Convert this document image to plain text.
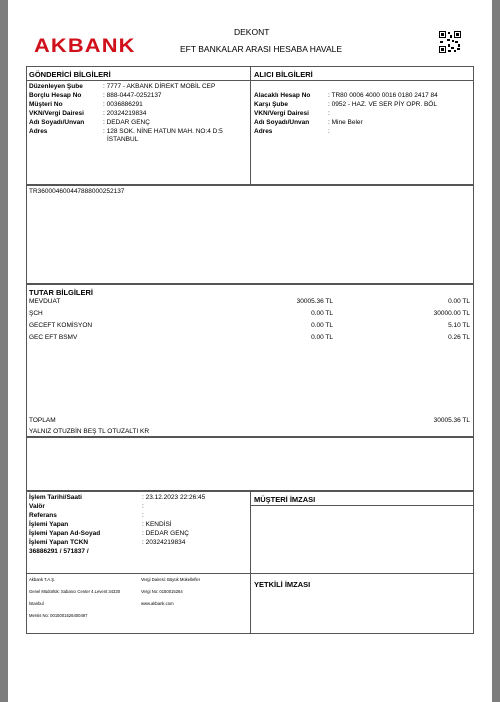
AKBANK
DEKONT
EFT BANKALAR ARASI HESABA HAVALE
GÖNDERİCİ BİLGİLERİ	ALICI BİLGİLERİ
Düzenleyen Şube	: 7777 - AKBANK DİREKT MOBİL CEP
Borçlu Hesap No	: 888-0447-0252137
Müşteri No	: 0036886291
VKN/Vergi Dairesi	: 20324219834
Adı Soyadı/Unvan	: DEDAR GENÇ
Adres	: 128 SOK. NİNE HATUN MAH. NO:4 D:5
İSTANBUL
Alacaklı Hesap No	: TR80 0006 4000 0016 0180 2417 84
Karşı Şube	: 0952 - HAZ. VE SER PİY OPR. BÖL
VKN/Vergi Dairesi	:
Adı Soyadı/Unvan	: Mine Beler
Adres	:
TR360004600447888000252137
TUTAR BİLGİLERİ
MEVDUAT	30005.36 TL	0.00 TL
ŞCH	0.00 TL	30000.00 TL
GECEFT KOMİSYON	0.00 TL	5.10 TL
GEC EFT BSMV	0.00 TL	0.26 TL
TOPLAM	30005.36 TL
YALNIZ OTUZBİN BEŞ TL OTUZALTI KR
İşlem Tarihi/Saati	: 23.12.2023 22:26:45
Valör	:
Referans	:
İşlemi Yapan	: KENDİSİ
İşlemi Yapan Ad-Soyad	: DEDAR GENÇ
İşlemi Yapan TCKN	: 20324219834
36886291 / 571837 /
MÜŞTERİ İMZASI
YETKİLİ İMZASI
Akbank T.A.Ş.
Genel Müdürlük: Sabancı Center 4.Levent 34330
İstanbul
Mersis No: 0015001526400497
Vergi Dairesi: Büyük Mükellefler
Vergi No: 0150015264
www.akbank.com
